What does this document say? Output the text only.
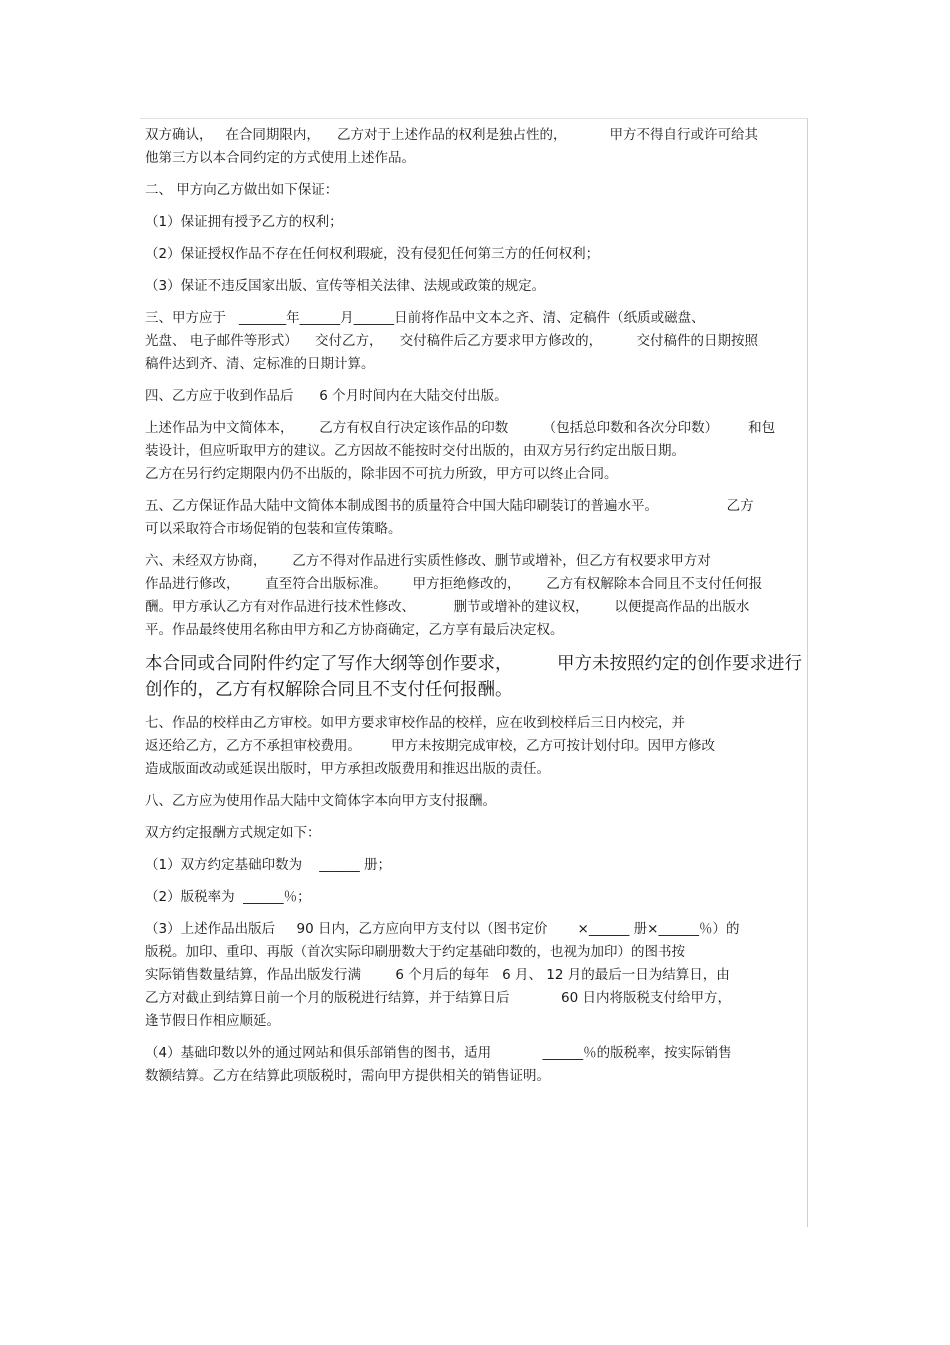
双方确认，   在合同期限内，    乙方对于上述作品的权利是独占性的，          甲方不得自行或许可给其
他第三方以本合同约定的方式使用上述作品。
二、 甲方向乙方做出如下保证：
（1）保证拥有授予乙方的权利；
（2）保证授权作品不存在任何权利瑕疵，没有侵犯任何第三方的任何权利；
（3）保证不违反国家出版、宣传等相关法律、法规或政策的规定。
三、甲方应于   _______年______月______日前将作品中文本之齐、清、定稿件（纸质或磁盘、
光盘、 电子邮件等形式）    交付乙方，    交付稿件后乙方要求甲方修改的，        交付稿件的日期按照
稿件达到齐、清、定标准的日期计算。
四、乙方应于收到作品后      6 个月时间内在大陆交付出版。
上述作品为中文简体本，      乙方有权自行决定该作品的印数        （包括总印数和各次分印数）       和包
装设计，但应听取甲方的建议。乙方因故不能按时交付出版的，由双方另行约定出版日期。
乙方在另行约定期限内仍不出版的，除非因不可抗力所致，甲方可以终止合同。
五、乙方保证作品大陆中文简体本制成图书的质量符合中国大陆印刷装订的普遍水平。                乙方
可以采取符合市场促销的包装和宣传策略。
六、未经双方协商，      乙方不得对作品进行实质性修改、删节或增补，但乙方有权要求甲方对
作品进行修改，      直至符合出版标准。      甲方拒绝修改的，      乙方有权解除本合同且不支付任何报
酬。甲方承认乙方有对作品进行技术性修改、         删节或增补的建议权，      以便提高作品的出版水
平。作品最终使用名称由甲方和乙方协商确定，乙方享有最后决定权。
本合同或合同附件约定了写作大纲等创作要求，        甲方未按照约定的创作要求进行
创作的，乙方有权解除合同且不支付任何报酬。
七、作品的校样由乙方审校。如甲方要求审校作品的校样，应在收到校样后三日内校完，并
返还给乙方，乙方不承担审校费用。       甲方未按期完成审校，乙方可按计划付印。因甲方修改
造成版面改动或延误出版时，甲方承担改版费用和推迟出版的责任。
八、乙方应为使用作品大陆中文简体字本向甲方支付报酬。
双方约定报酬方式规定如下：
（1）双方约定基础印数为    ______ 册；
（2）版税率为  ______％；
（3）上述作品出版后     90 日内，乙方应向甲方支付以（图书定价       ×______ 册×______％）的
版税。加印、重印、再版（首次实际印刷册数大于约定基础印数的，也视为加印）的图书按
实际销售数量结算，作品出版发行满        6 个月后的每年   6 月、 12 月的最后一日为结算日，由
乙方对截止到结算日前一个月的版税进行结算，并于结算日后            60 日内将版税支付给甲方，
逢节假日作相应顺延。
（4）基础印数以外的通过网站和俱乐部销售的图书，适用            ______％的版税率，按实际销售
数额结算。乙方在结算此项版税时，需向甲方提供相关的销售证明。
